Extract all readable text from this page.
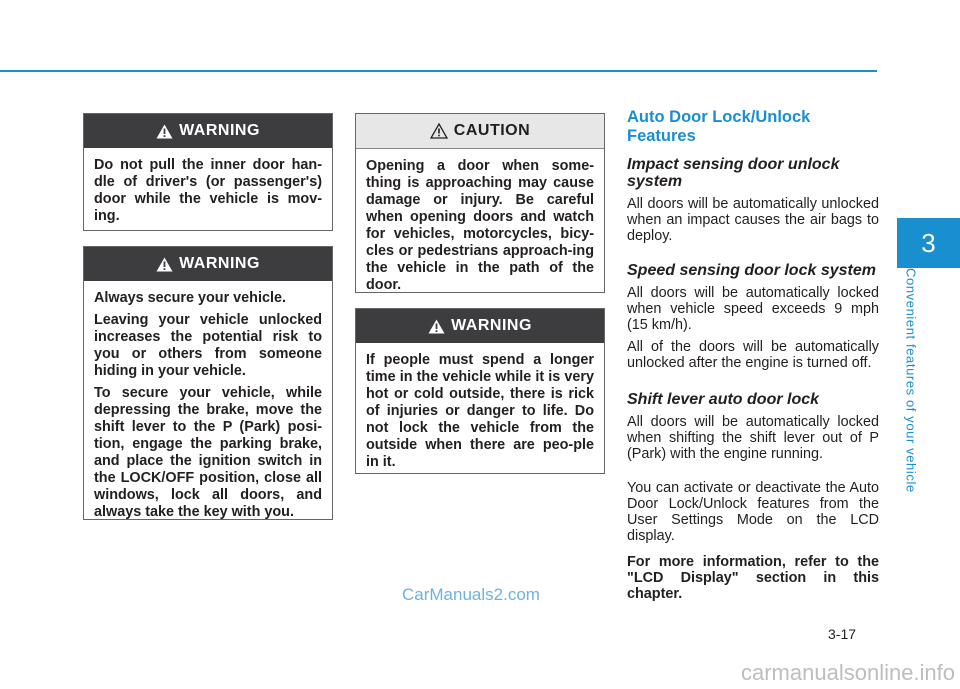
WARNING

Do not pull the inner door han-dle of driver's (or passenger's) door while the vehicle is mov-ing.

WARNING

Always secure your vehicle.

Leaving your vehicle unlocked increases the potential risk to you or others from someone hiding in your vehicle.

To secure your vehicle, while depressing the brake, move the shift lever to the P (Park) posi-tion, engage the parking brake, and place the ignition switch in the LOCK/OFF position, close all windows, lock all doors, and always take the key with you.

CAUTION

Opening a door when some-thing is approaching may cause damage or injury. Be careful when opening doors and watch for vehicles, motorcycles, bicy-cles or pedestrians approach-ing the vehicle in the path of the door.

WARNING

If people must spend a longer time in the vehicle while it is very hot or cold outside, there is rick of injuries or danger to life. Do not lock the vehicle from the outside when there are peo-ple in it.

Auto Door Lock/Unlock Features
Impact sensing door unlock system

All doors will be automatically unlocked when an impact causes the air bags to deploy.

Speed sensing door lock system

All doors will be automatically locked when vehicle speed exceeds 9 mph (15 km/h).

All of the doors will be automatically unlocked after the engine is turned off.

Shift lever auto door lock

All doors will be automatically locked when shifting the shift lever out of P (Park) with the engine running.

You can activate or deactivate the Auto Door Lock/Unlock features from the User Settings Mode on the LCD display.

For more information, refer to the "LCD Display" section in this chapter.

3
Convenient features of your vehicle
3-17
CarManuals2.com
carmanualsonline.info
